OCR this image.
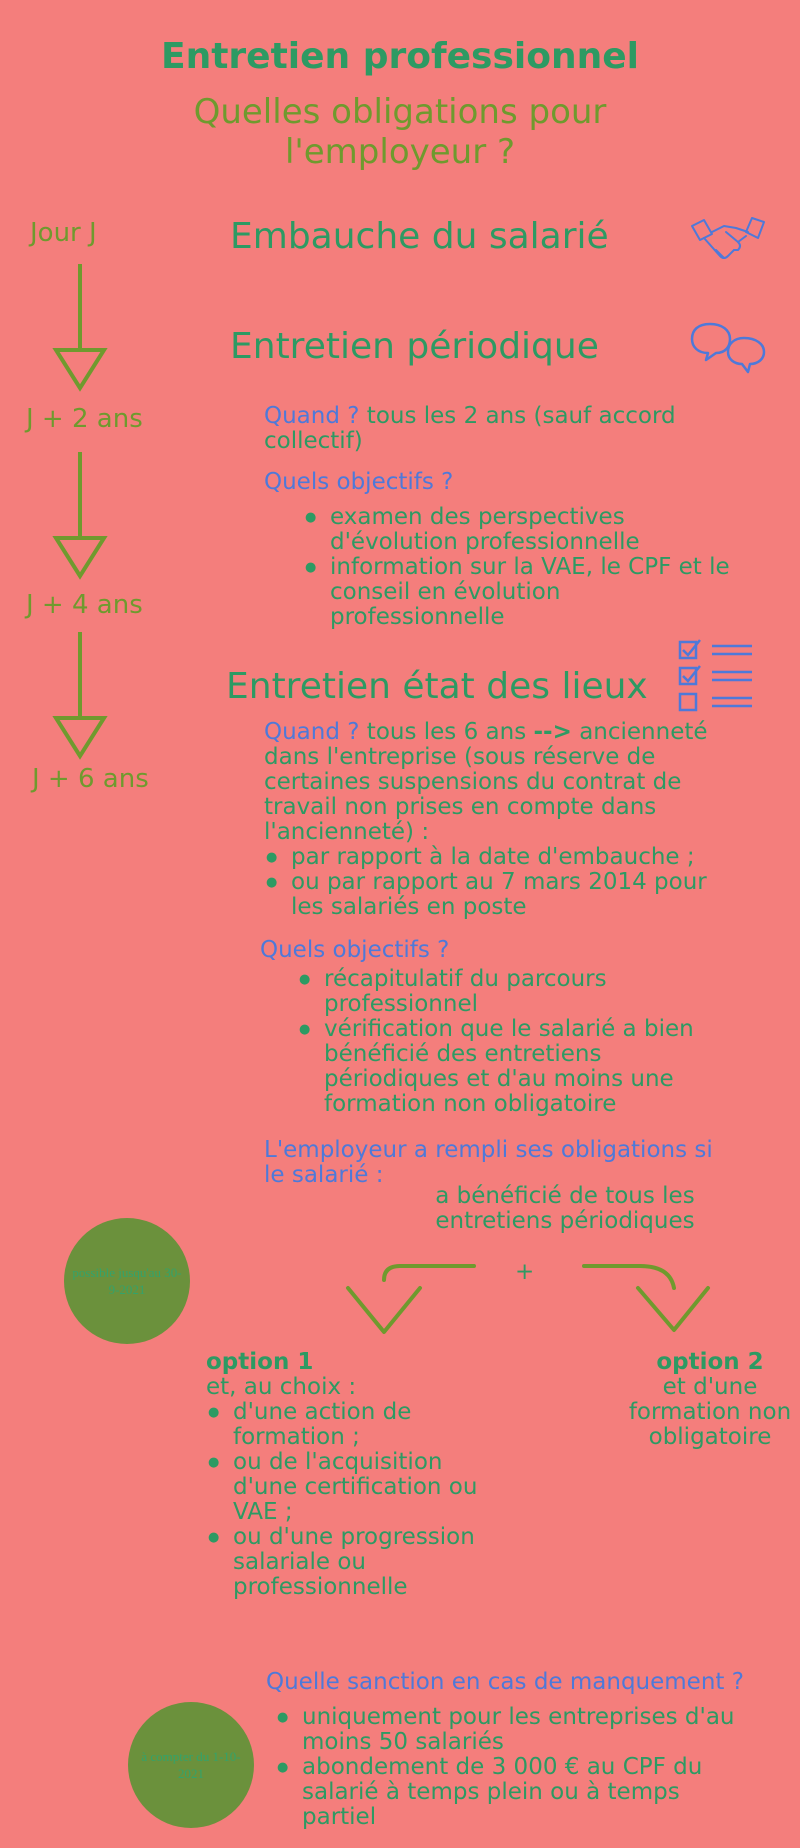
Entretien professionnel
Quelles obligations pour l'employeur ?
Jour J
J + 2 ans
J + 4 ans
J + 6 ans
Embauche du salarié
Entretien périodique
Quand ? tous les 2 ans (sauf accord collectif)
Quels objectifs ?
● examen des perspectives d'évolution professionnelle
● information sur la VAE, le CPF et le conseil en évolution professionnelle
Entretien état des lieux
Quand ? tous les 6 ans --> ancienneté dans l'entreprise (sous réserve de certaines suspensions du contrat de travail non prises en compte dans l'ancienneté) :
● par rapport à la date d'embauche ;
● ou par rapport au 7 mars 2014 pour les salariés en poste
Quels objectifs ?
● récapitulatif du parcours professionnel
● vérification que le salarié a bien bénéficié des entretiens périodiques et d'au moins une formation non obligatoire
L'employeur a rempli ses obligations si le salarié :
a bénéficié de tous les entretiens périodiques
+
possible jusqu'au 30-9-2021
option 1
et, au choix :
● d'une action de formation ;
● ou de l'acquisition d'une certification ou VAE ;
● ou d'une progression salariale ou professionnelle
option 2
et d'une formation non obligatoire
Quelle sanction en cas de manquement ?
à compter du 1-10-2021
● uniquement pour les entreprises d'au moins 50 salariés
● abondement de 3 000 € au CPF du salarié à temps plein ou à temps partiel
